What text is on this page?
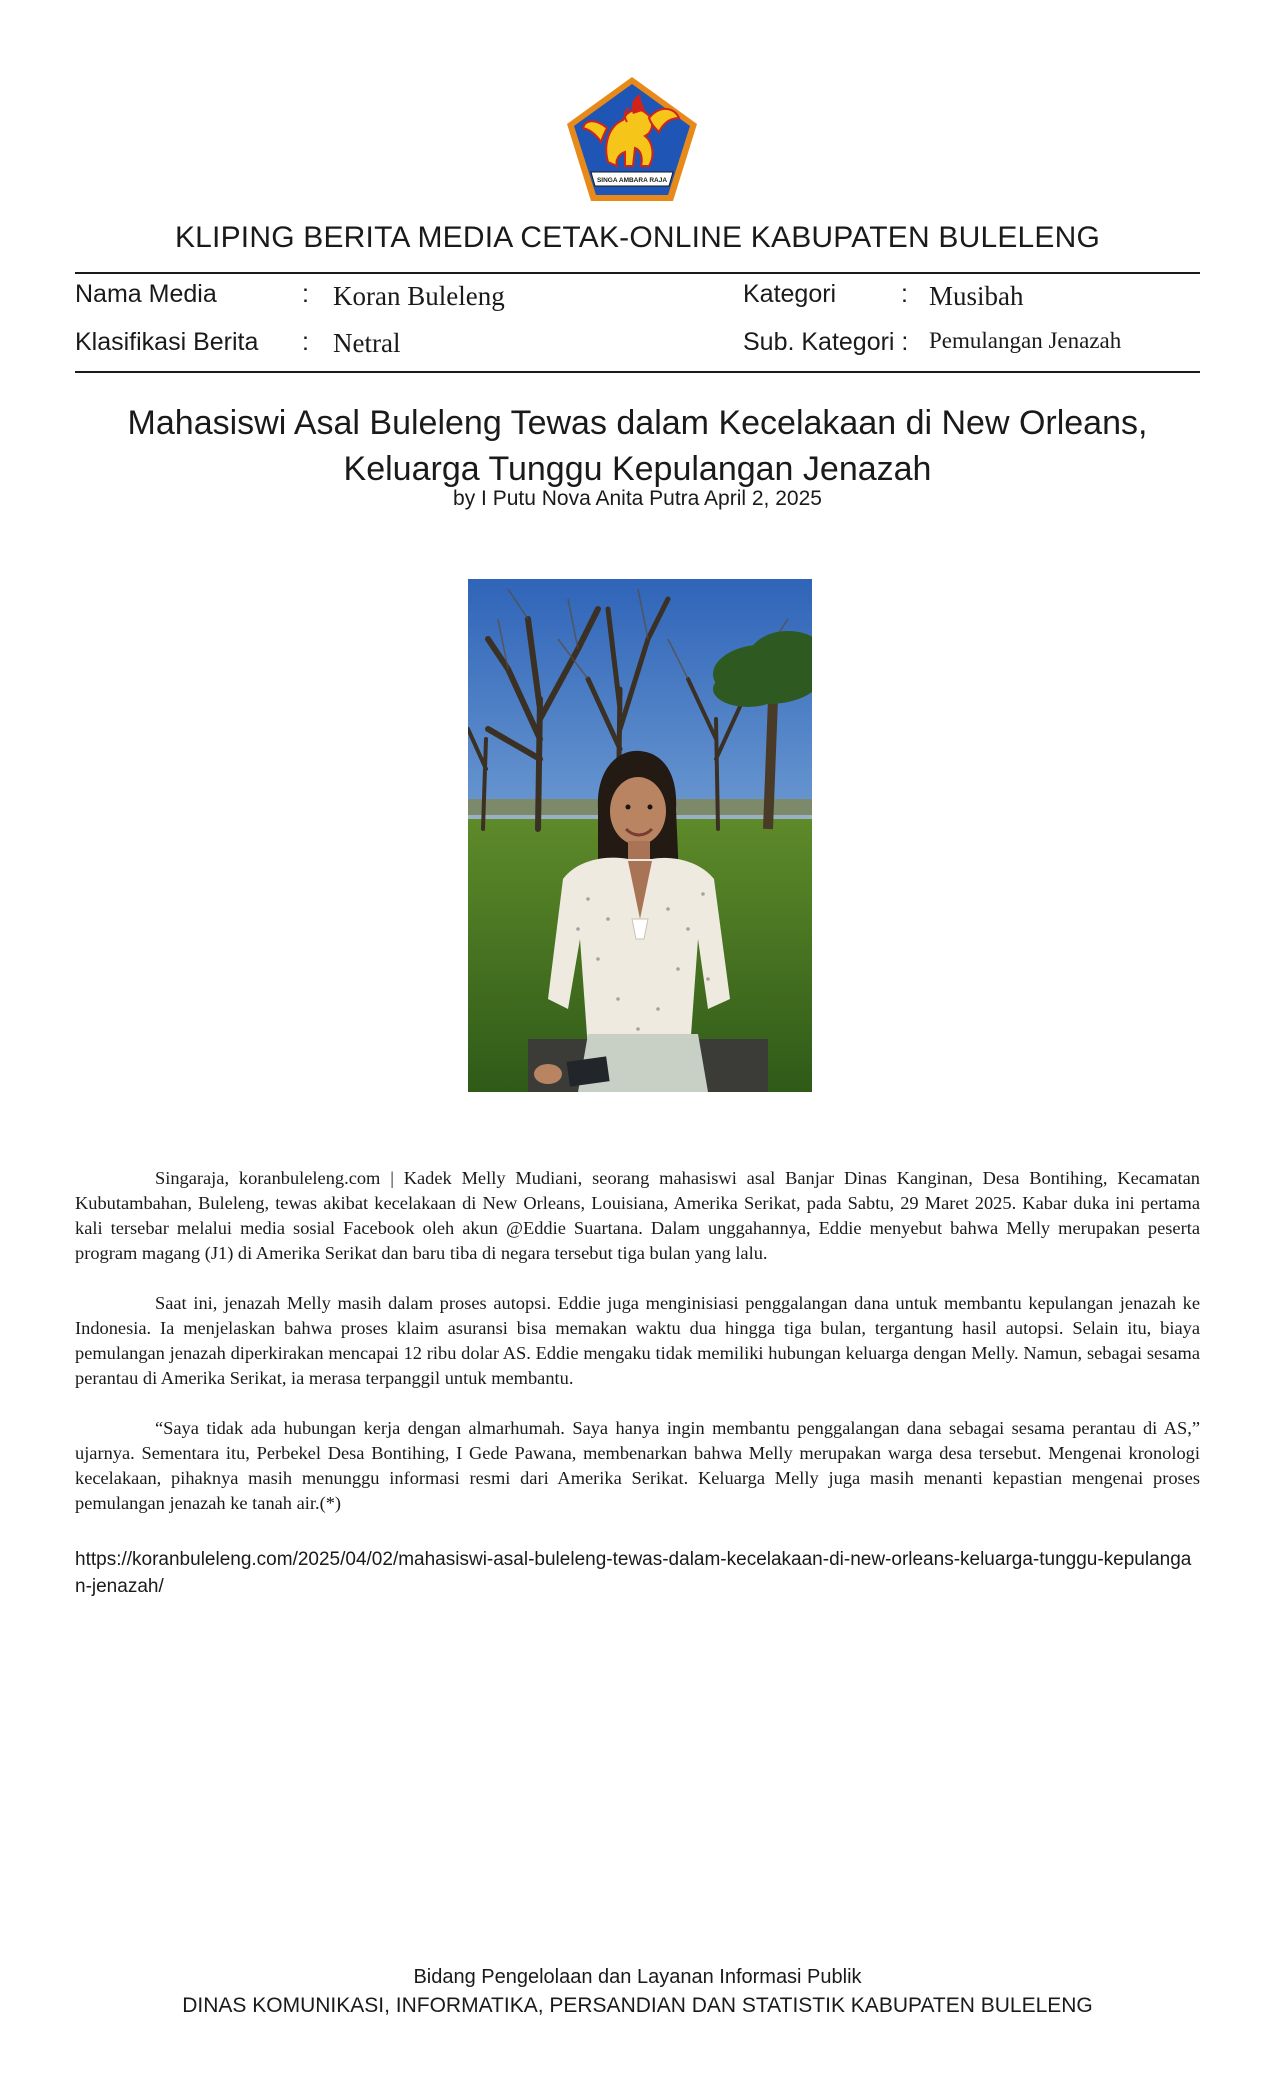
SINGA AMBARA RAJA
KLIPING BERITA MEDIA CETAK-ONLINE KABUPATEN BULELENG
Nama Media	: Koran Buleleng	Kategori	: Musibah
Klasifikasi Berita : Netral	Sub. Kategori : Pemulangan Jenazah
Mahasiswi Asal Buleleng Tewas dalam Kecelakaan di New Orleans,
Keluarga Tunggu Kepulangan Jenazah
by I Putu Nova Anita Putra April 2, 2025

Singaraja, koranbuleleng.com | Kadek Melly Mudiani, seorang mahasiswi asal Banjar Dinas Kanginan, Desa Bontihing, Kecamatan Kubutambahan, Buleleng, tewas akibat kecelakaan di New Orleans, Louisiana, Amerika Serikat, pada Sabtu, 29 Maret 2025. Kabar duka ini pertama kali tersebar melalui media sosial Facebook oleh akun @Eddie Suartana. Dalam unggahannya, Eddie menyebut bahwa Melly merupakan peserta program magang (J1) di Amerika Serikat dan baru tiba di negara tersebut tiga bulan yang lalu.

Saat ini, jenazah Melly masih dalam proses autopsi. Eddie juga menginisiasi penggalangan dana untuk membantu kepulangan jenazah ke Indonesia. Ia menjelaskan bahwa proses klaim asuransi bisa memakan waktu dua hingga tiga bulan, tergantung hasil autopsi. Selain itu, biaya pemulangan jenazah diperkirakan mencapai 12 ribu dolar AS. Eddie mengaku tidak memiliki hubungan keluarga dengan Melly. Namun, sebagai sesama perantau di Amerika Serikat, ia merasa terpanggil untuk membantu.

“Saya tidak ada hubungan kerja dengan almarhumah. Saya hanya ingin membantu penggalangan dana sebagai sesama perantau di AS,” ujarnya. Sementara itu, Perbekel Desa Bontihing, I Gede Pawana, membenarkan bahwa Melly merupakan warga desa tersebut. Mengenai kronologi kecelakaan, pihaknya masih menunggu informasi resmi dari Amerika Serikat. Keluarga Melly juga masih menanti kepastian mengenai proses pemulangan jenazah ke tanah air.(*)

https://koranbuleleng.com/2025/04/02/mahasiswi-asal-buleleng-tewas-dalam-kecelakaan-di-new-orleans-keluarga-tunggu-kepulangan-jenazah/
Bidang Pengelolaan dan Layanan Informasi Publik
DINAS KOMUNIKASI, INFORMATIKA, PERSANDIAN DAN STATISTIK KABUPATEN BULELENG
